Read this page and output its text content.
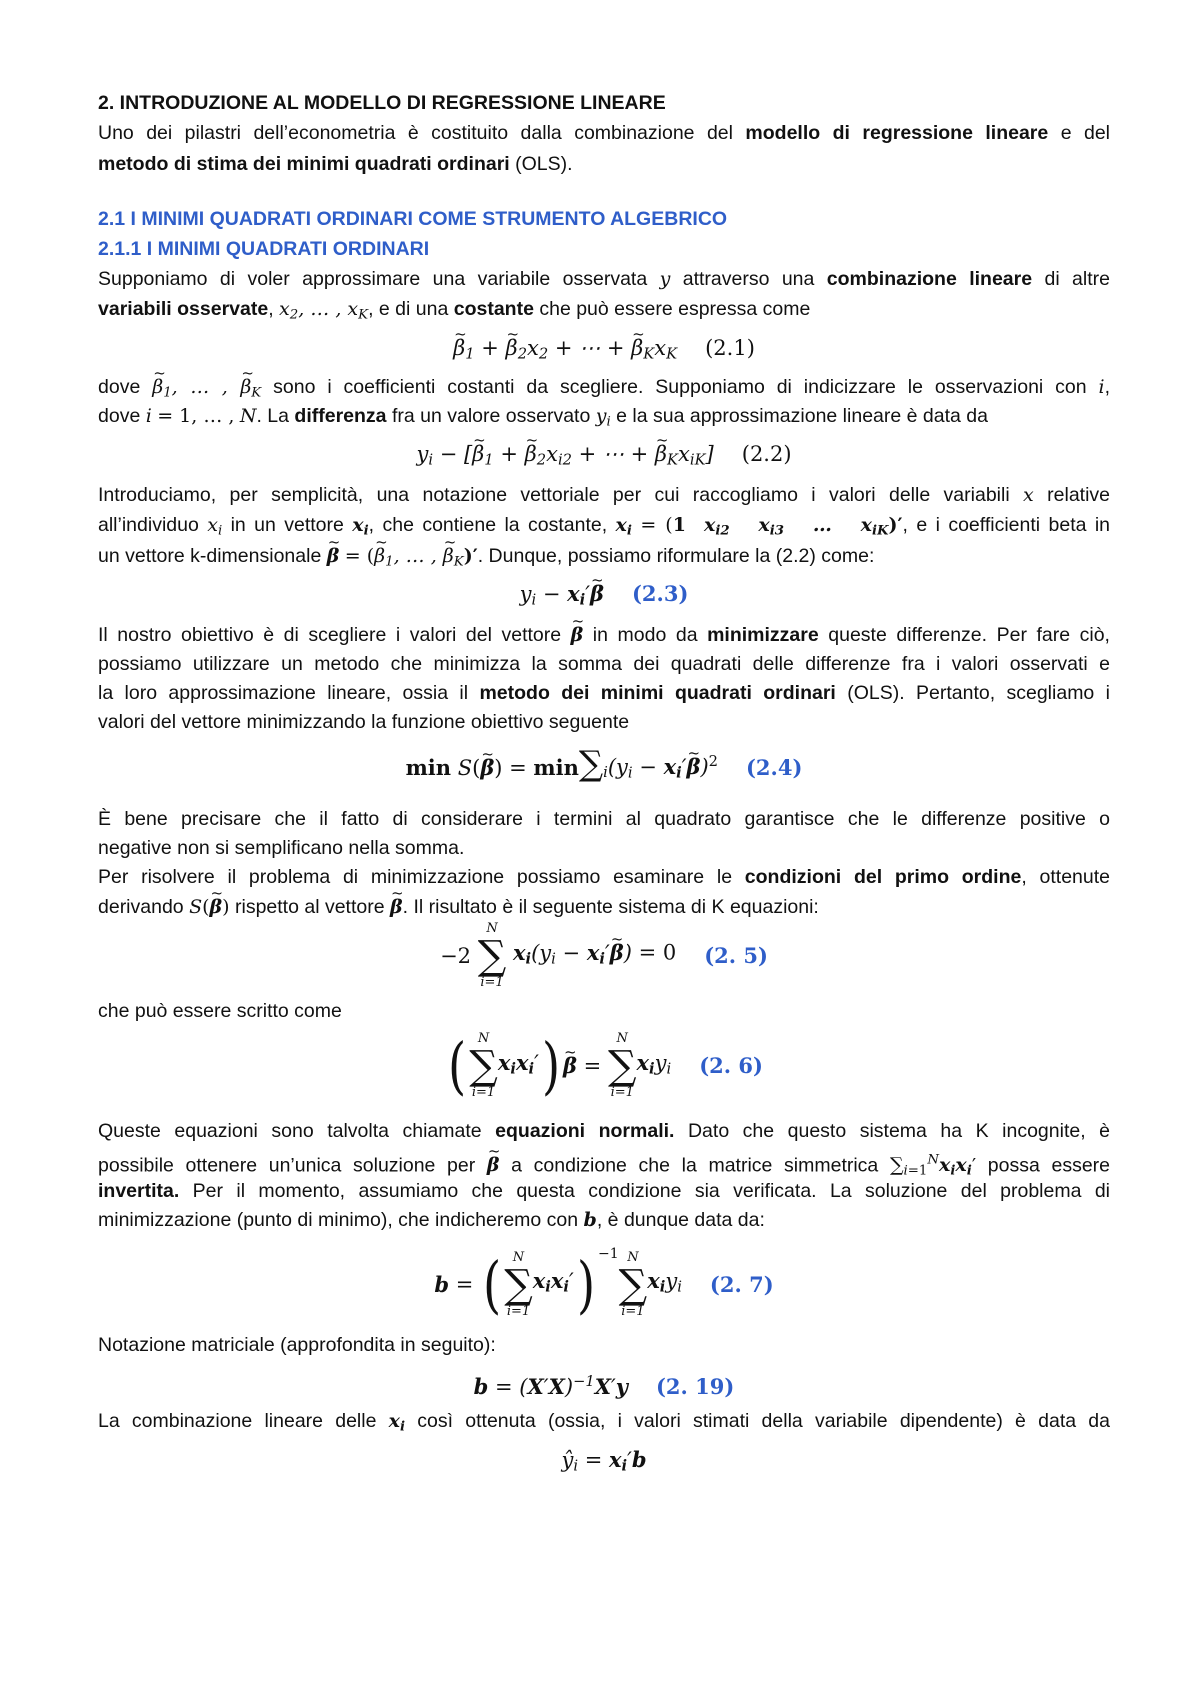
2. INTRODUZIONE AL MODELLO DI REGRESSIONE LINEARE
Uno dei pilastri dell’econometria è costituito dalla combinazione del modello di regressione lineare e del
metodo di stima dei minimi quadrati ordinari (OLS).
2.1 I MINIMI QUADRATI ORDINARI COME STRUMENTO ALGEBRICO
2.1.1 I MINIMI QUADRATI ORDINARI
Supponiamo di voler approssimare una variabile osservata y attraverso una combinazione lineare di altre
variabili osservate, $x_2$, … , $x_K$, e di una costante che può essere espressa come
~ $\beta_1$ + ~ $\beta_2x_2$ + ⋯ + ~ $\beta_Kx_K$ (2.1)
dove ~ $\beta_1$, … , ~ $\beta_K$ sono i coefficienti costanti da scegliere. Supponiamo di indicizzare le osservazioni con i,
dove i = 1, … , N. La differenza fra un valore osservato $y_i$ e la sua approssimazione lineare è data da
$y_i$ − [~ $\beta_1$ + ~ $\beta_2x_{i2}$ + ⋯ + ~ $\beta_Kx_{iK}$] (2.2)
Introduciamo, per semplicità, una notazione vettoriale per cui raccogliamo i valori delle variabili x relative
all’individuo $x_i$ in un vettore $x_i$, che contiene la costante, $x_i = (1$ $x_{i2}$   $x_{i3}$   …   $x_{iK})'$, e i coefficienti beta in
un vettore k-dimensionale ~ β = (~ $\beta_1$, … , ~ $\beta_K)'$. Dunque, possiamo riformulare la (2.2) come:
$y_i$ − $x_i'\sim$ β (2.3)
Il nostro obiettivo è di scegliere i valori del vettore ~ β in modo da minimizzare queste differenze. Per fare ciò,
possiamo utilizzare un metodo che minimizza la somma dei quadrati delle differenze fra i valori osservati e
la loro approssimazione lineare, ossia il metodo dei minimi quadrati ordinari (OLS). Pertanto, scegliamo i
valori del vettore minimizzando la funzione obiettivo seguente
min S(~ $\beta) = \min\sum_i(y_i$ − $x_i'\sim$ β)$^2$ (2.4)
È bene precisare che il fatto di considerare i termini al quadrato garantisce che le differenze positive o
negative non si semplificano nella somma.
Per risolvere il problema di minimizzazione possiamo esaminare le condizioni del primo ordine, ottenute
derivando S(~ β) rispetto al vettore ~ β. Il risultato è il seguente sistema di K equazioni:
−2
N
∑
i=1
$x_i(y_i$ − $x_i'\sim$ β) = 0 (2. 5)
che può essere scritto come
( N
∑
i=1
$x_ix_i')\sim$ β =
N
∑
i=1
$x_iy_i$ (2. 6)
Queste equazioni sono talvolta chiamate equazioni normali. Dato che questo sistema ha K incognite, è
possibile ottenere un’unica soluzione per ~ β a condizione che la matrice simmetrica $\sum_{i=1}^Nx_ix_i'$ possa essere
invertita. Per il momento, assumiamo che questa condizione sia verificata. La soluzione del problema di
minimizzazione (punto di minimo), che indicheremo con b, è dunque data da:
b = ( N
∑
i=1
$x_ix_i'$) $^{-1}$ N
∑
i=1
$x_iy_i$ (2. 7)
Notazione matriciale (approfondita in seguito):
$b = (X'X)^{-1}X'y$ (2. 19)
La combinazione lineare delle $x_i$ così ottenuta (ossia, i valori stimati della variabile dipendente) è data da
$ŷ_i = x_i'b$
